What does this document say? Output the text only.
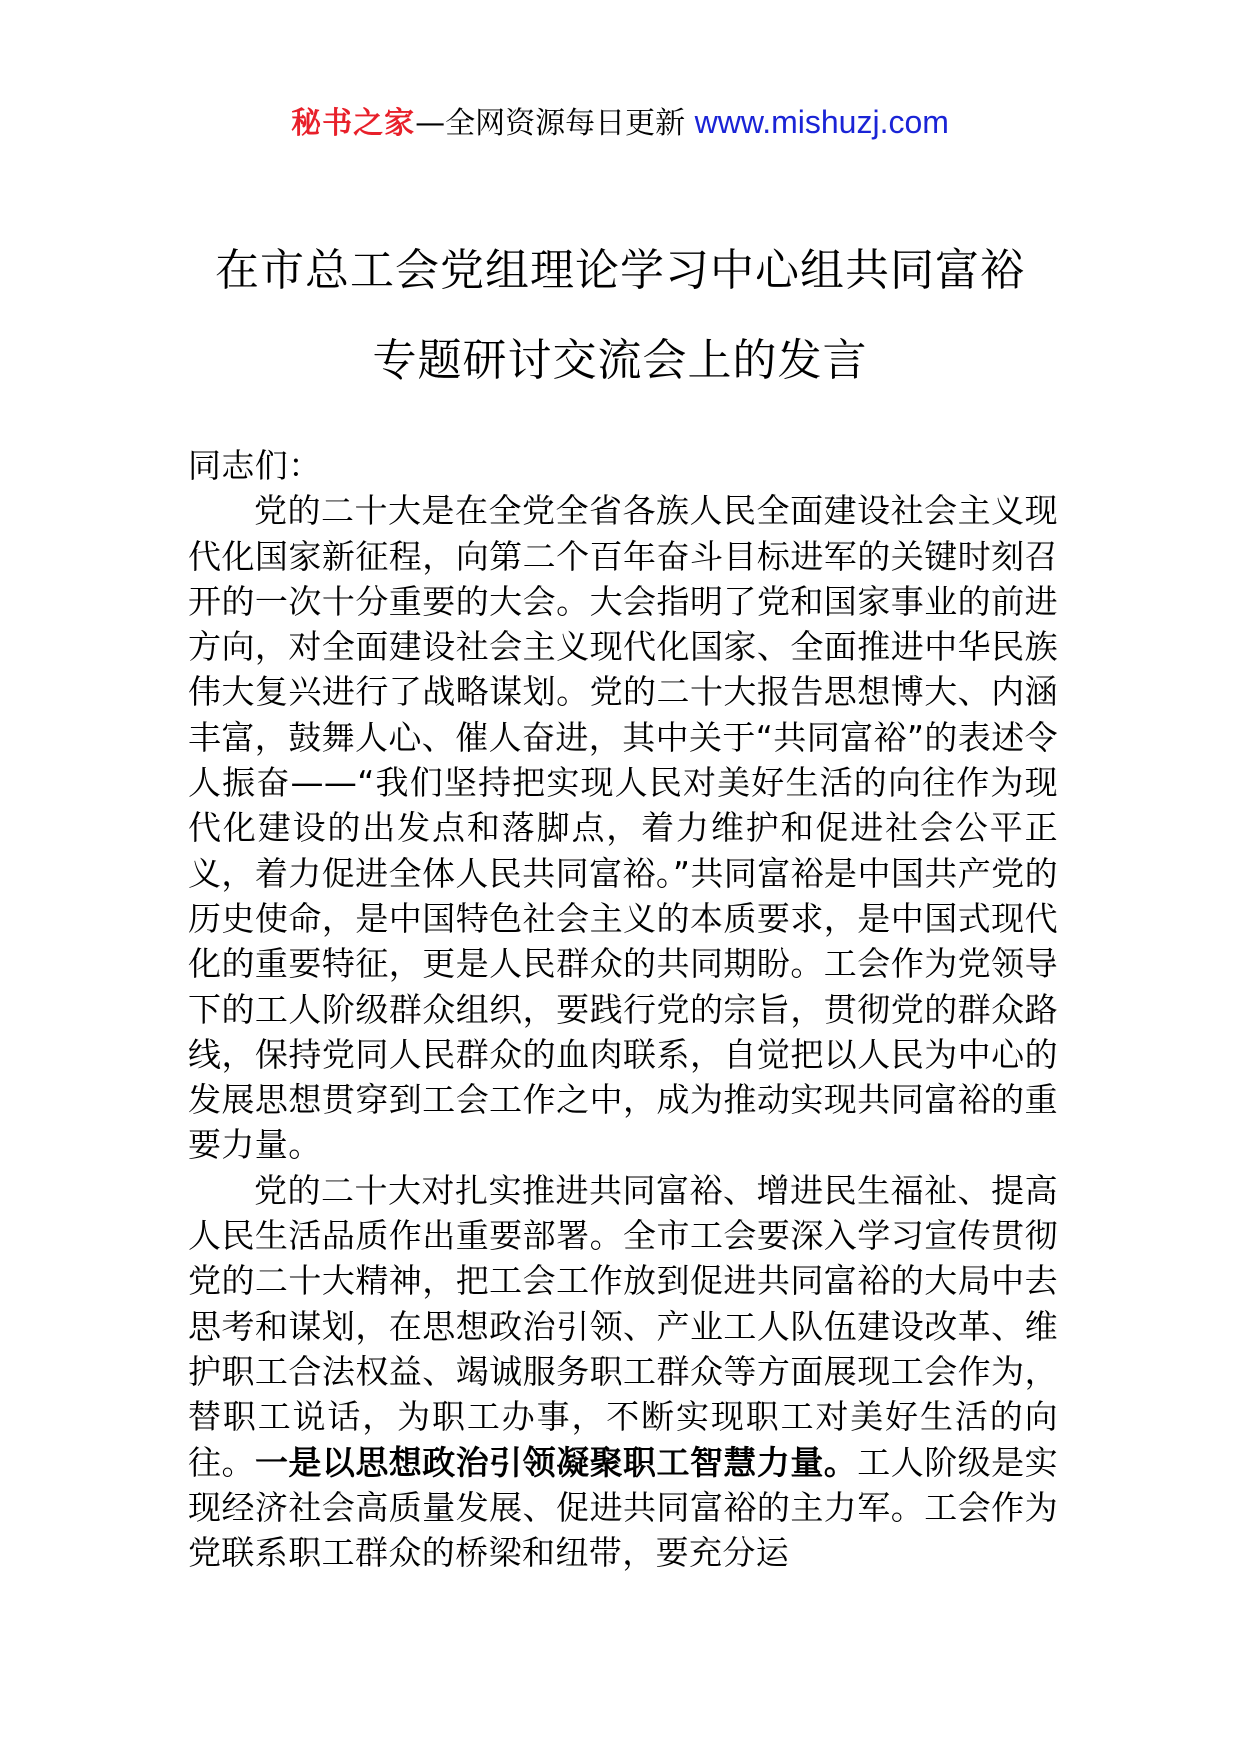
秘书之家—全网资源每日更新 www.mishuzj.com
在市总工会党组理论学习中心组共同富裕
专题研讨交流会上的发言

同志们：

党的二十大是在全党全省各族人民全面建设社会主义现代化国家新征程，向第二个百年奋斗目标进军的关键时刻召开的一次十分重要的大会。大会指明了党和国家事业的前进方向，对全面建设社会主义现代化国家、全面推进中华民族伟大复兴进行了战略谋划。党的二十大报告思想博大、内涵丰富，鼓舞人心、催人奋进，其中关于“共同富裕”的表述令人振奋——“我们坚持把实现人民对美好生活的向往作为现代化建设的出发点和落脚点，着力维护和促进社会公平正义，着力促进全体人民共同富裕。”共同富裕是中国共产党的历史使命，是中国特色社会主义的本质要求，是中国式现代化的重要特征，更是人民群众的共同期盼。工会作为党领导下的工人阶级群众组织，要践行党的宗旨，贯彻党的群众路线，保持党同人民群众的血肉联系，自觉把以人民为中心的发展思想贯穿到工会工作之中，成为推动实现共同富裕的重要力量。

党的二十大对扎实推进共同富裕、增进民生福祉、提高人民生活品质作出重要部署。全市工会要深入学习宣传贯彻党的二十大精神，把工会工作放到促进共同富裕的大局中去思考和谋划，在思想政治引领、产业工人队伍建设改革、维护职工合法权益、竭诚服务职工群众等方面展现工会作为，替职工说话，为职工办事，不断实现职工对美好生活的向往。一是以思想政治引领凝聚职工智慧力量。工人阶级是实现经济社会高质量发展、促进共同富裕的主力军。工会作为党联系职工群众的桥梁和纽带，要充分运
